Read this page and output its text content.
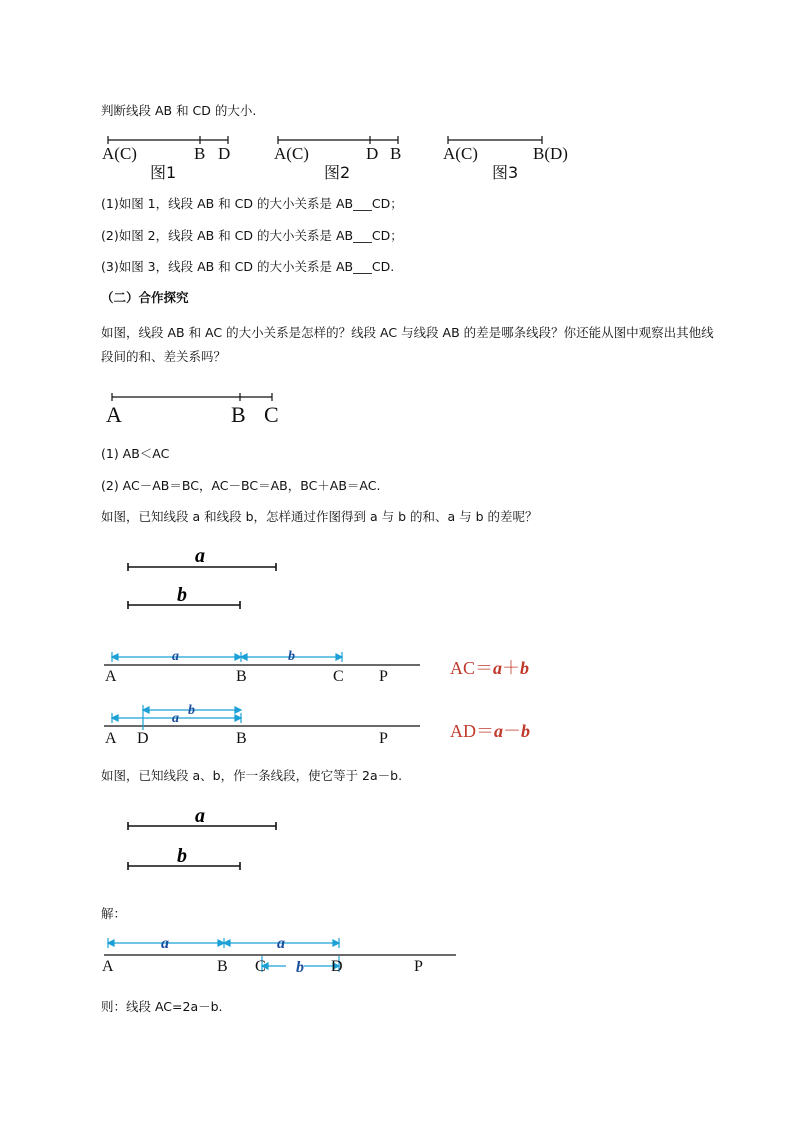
判断线段 AB 和 CD 的大小.
A(C)	B D
图1
A(C)	D B
图2
A(C)	B(D)
图3
(1)如图 1，线段 AB 和 CD 的大小关系是 AB___CD；
(2)如图 2，线段 AB 和 CD 的大小关系是 AB___CD；
(3)如图 3，线段 AB 和 CD 的大小关系是 AB___CD.
（二）合作探究
如图，线段 AB 和 AC 的大小关系是怎样的？线段 AC 与线段 AB 的差是哪条线段？你还能从图中观察出其他线段间的和、差关系吗？
A	B C
(1) AB＜AC
(2) AC－AB＝BC，AC－BC＝AB，BC＋AB＝AC.
如图，已知线段 a 和线段 b，怎样通过作图得到 a 与 b 的和、a 与 b 的差呢？
a
b
a	b
A	B	C P	AC＝a＋b
a
b
A D	B	P	AD＝a－b
如图，已知线段 a、b，作一条线段，使它等于 2a－b.
a
b
解：
a	a
b
A	B C	D	P
则：线段 AC=2a－b.
